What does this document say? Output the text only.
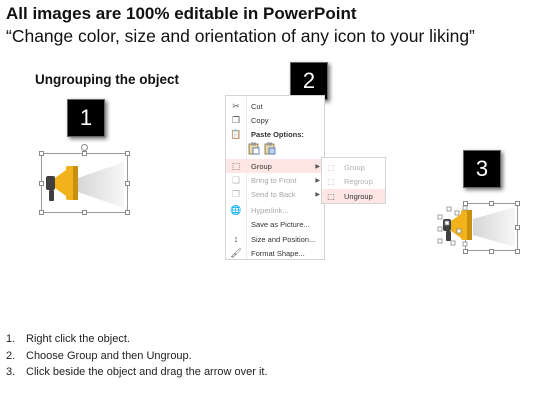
All images are 100% editable in PowerPoint
“Change color, size and orientation of any icon to your liking”
Ungrouping the object
1
2
3
✂	Cut
❐	Copy
📋	Paste Options:
⬚	Group	▶
❏	Bring to Front	▶
❐	Send to Back	▶
🌐	Hyperlink...
Save as Picture...
↕	Size and Position...
🖌	Format Shape...
⬚	Group
⬚	Regroup
⬚	Ungroup
1. Right click the object.
2. Choose Group and then Ungroup.
3. Click beside the object and drag the arrow over it.
